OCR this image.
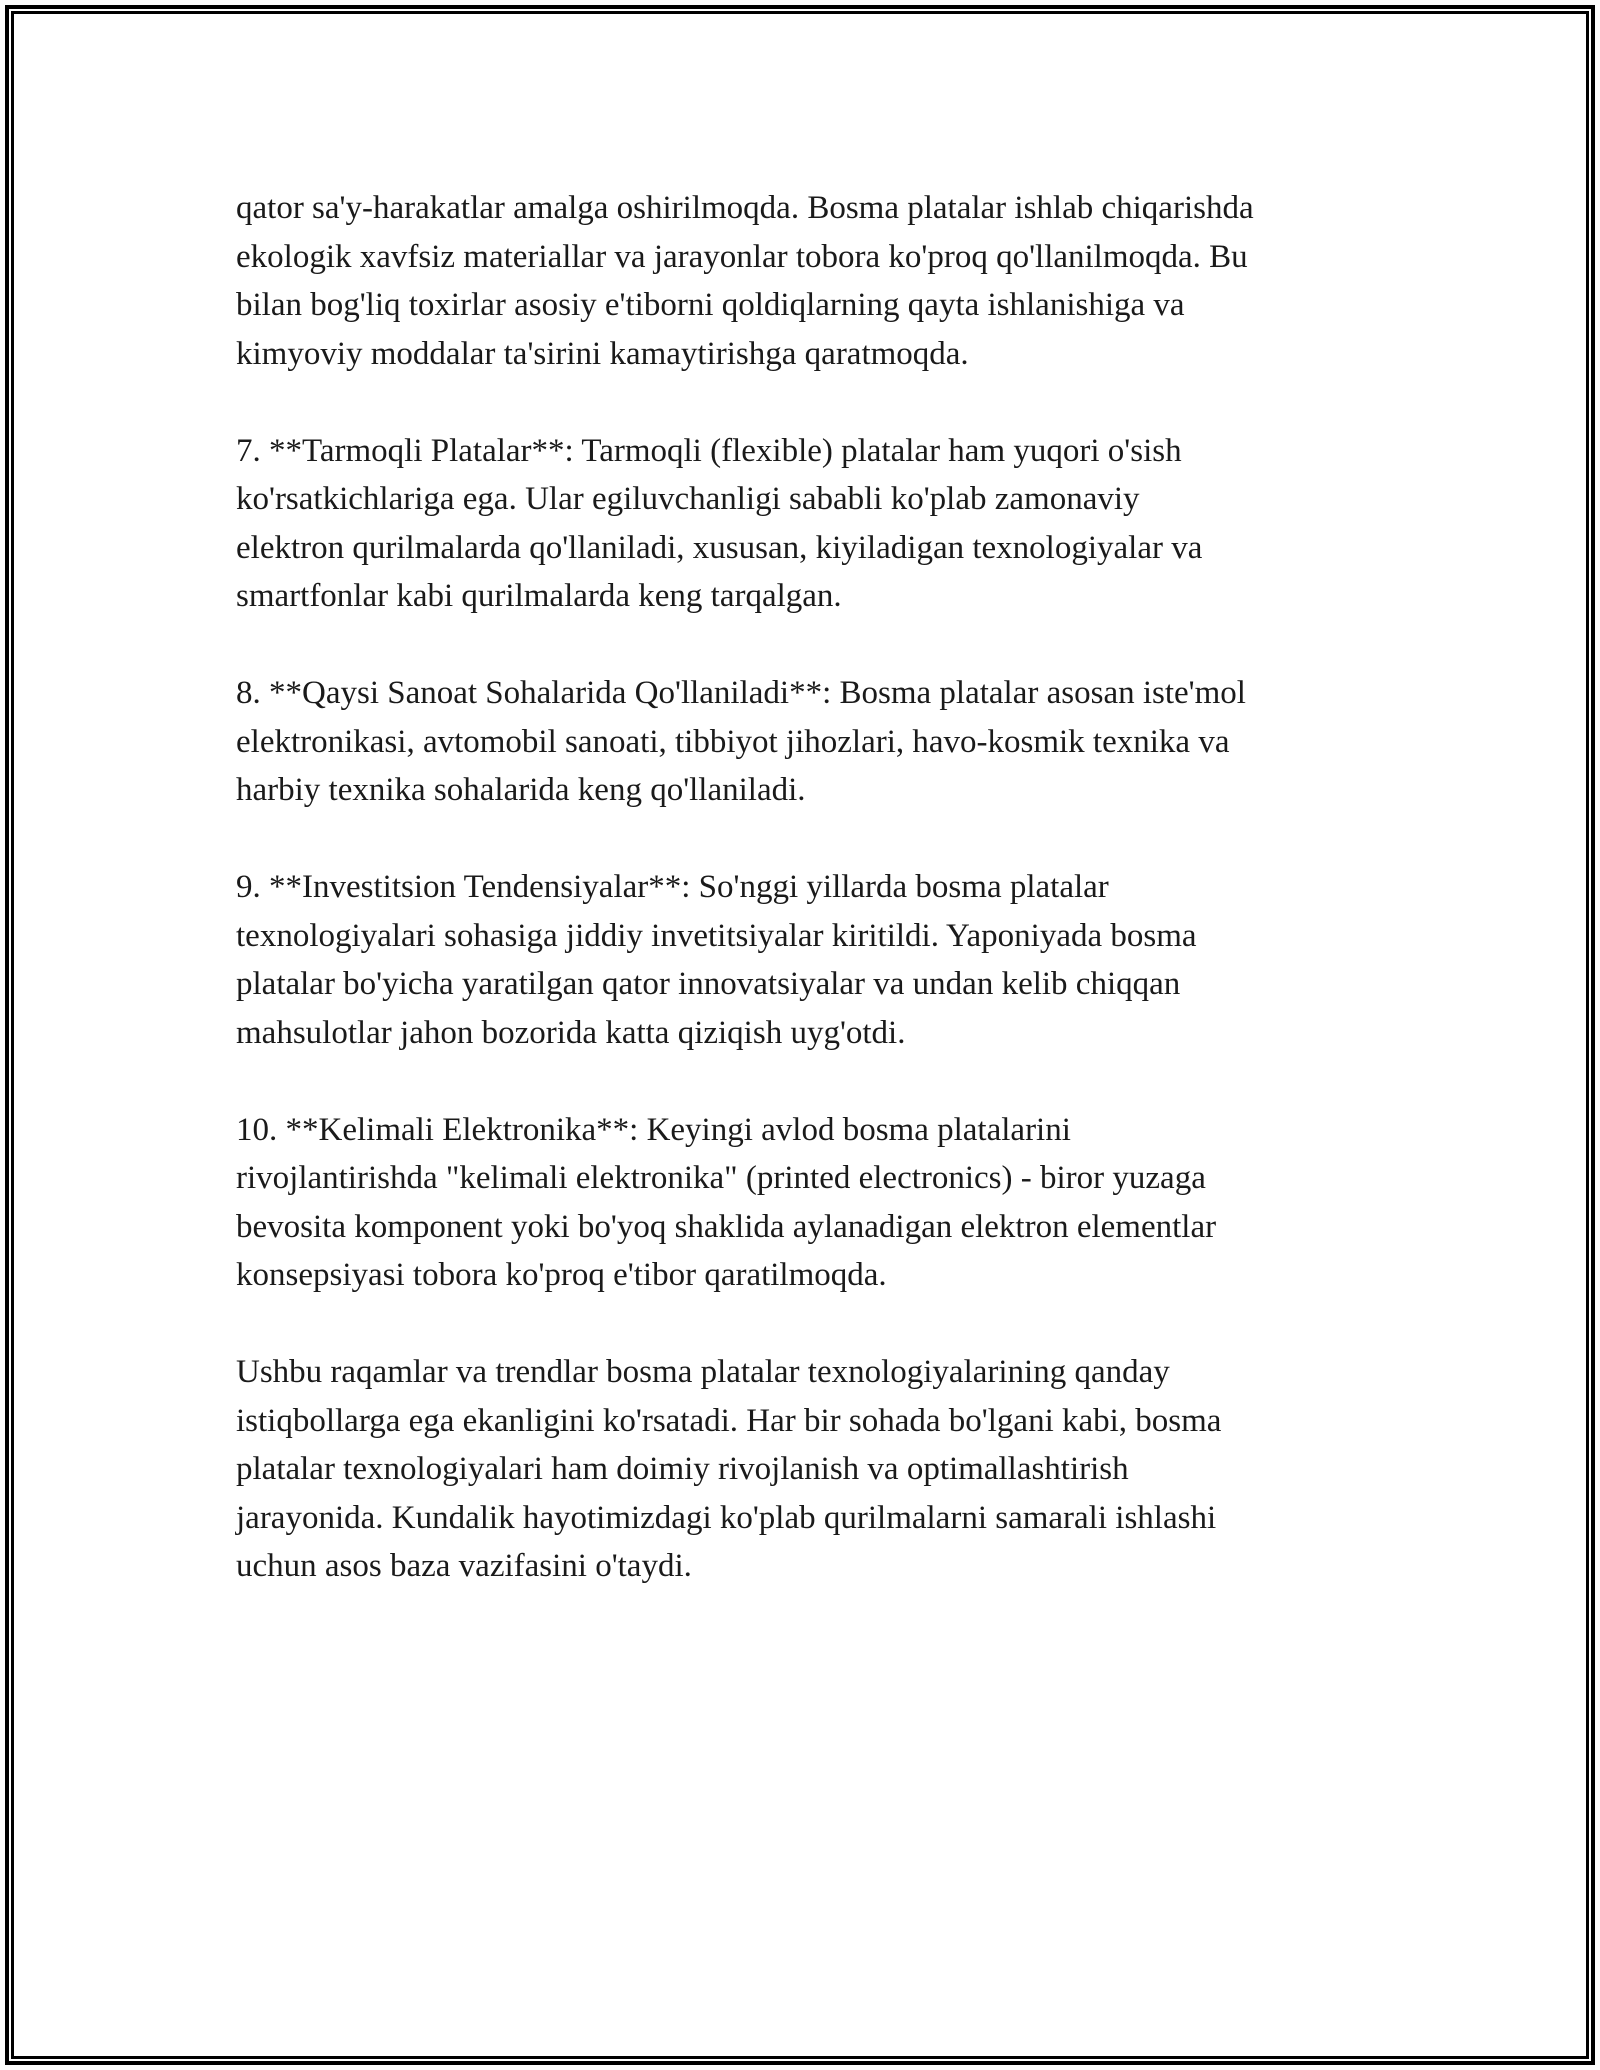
qator sa'y-harakatlar amalga oshirilmoqda. Bosma platalar ishlab chiqarishda
ekologik xavfsiz materiallar va jarayonlar tobora ko'proq qo'llanilmoqda. Bu
bilan bog'liq toxirlar asosiy e'tiborni qoldiqlarning qayta ishlanishiga va
kimyoviy moddalar ta'sirini kamaytirishga qaratmoqda.

7. **Tarmoqli Platalar**: Tarmoqli (flexible) platalar ham yuqori o'sish
ko'rsatkichlariga ega. Ular egiluvchanligi sababli ko'plab zamonaviy
elektron qurilmalarda qo'llaniladi, xususan, kiyiladigan texnologiyalar va
smartfonlar kabi qurilmalarda keng tarqalgan.

8. **Qaysi Sanoat Sohalarida Qo'llaniladi**: Bosma platalar asosan iste'mol
elektronikasi, avtomobil sanoati, tibbiyot jihozlari, havo-kosmik texnika va
harbiy texnika sohalarida keng qo'llaniladi.

9. **Investitsion Tendensiyalar**: So'nggi yillarda bosma platalar
texnologiyalari sohasiga jiddiy invetitsiyalar kiritildi. Yaponiyada bosma
platalar bo'yicha yaratilgan qator innovatsiyalar va undan kelib chiqqan
mahsulotlar jahon bozorida katta qiziqish uyg'otdi.

10. **Kelimali Elektronika**: Keyingi avlod bosma platalarini
rivojlantirishda "kelimali elektronika" (printed electronics) - biror yuzaga
bevosita komponent yoki bo'yoq shaklida aylanadigan elektron elementlar
konsepsiyasi tobora ko'proq e'tibor qaratilmoqda.

Ushbu raqamlar va trendlar bosma platalar texnologiyalarining qanday
istiqbollarga ega ekanligini ko'rsatadi. Har bir sohada bo'lgani kabi, bosma
platalar texnologiyalari ham doimiy rivojlanish va optimallashtirish
jarayonida. Kundalik hayotimizdagi ko'plab qurilmalarni samarali ishlashi
uchun asos baza vazifasini o'taydi.
